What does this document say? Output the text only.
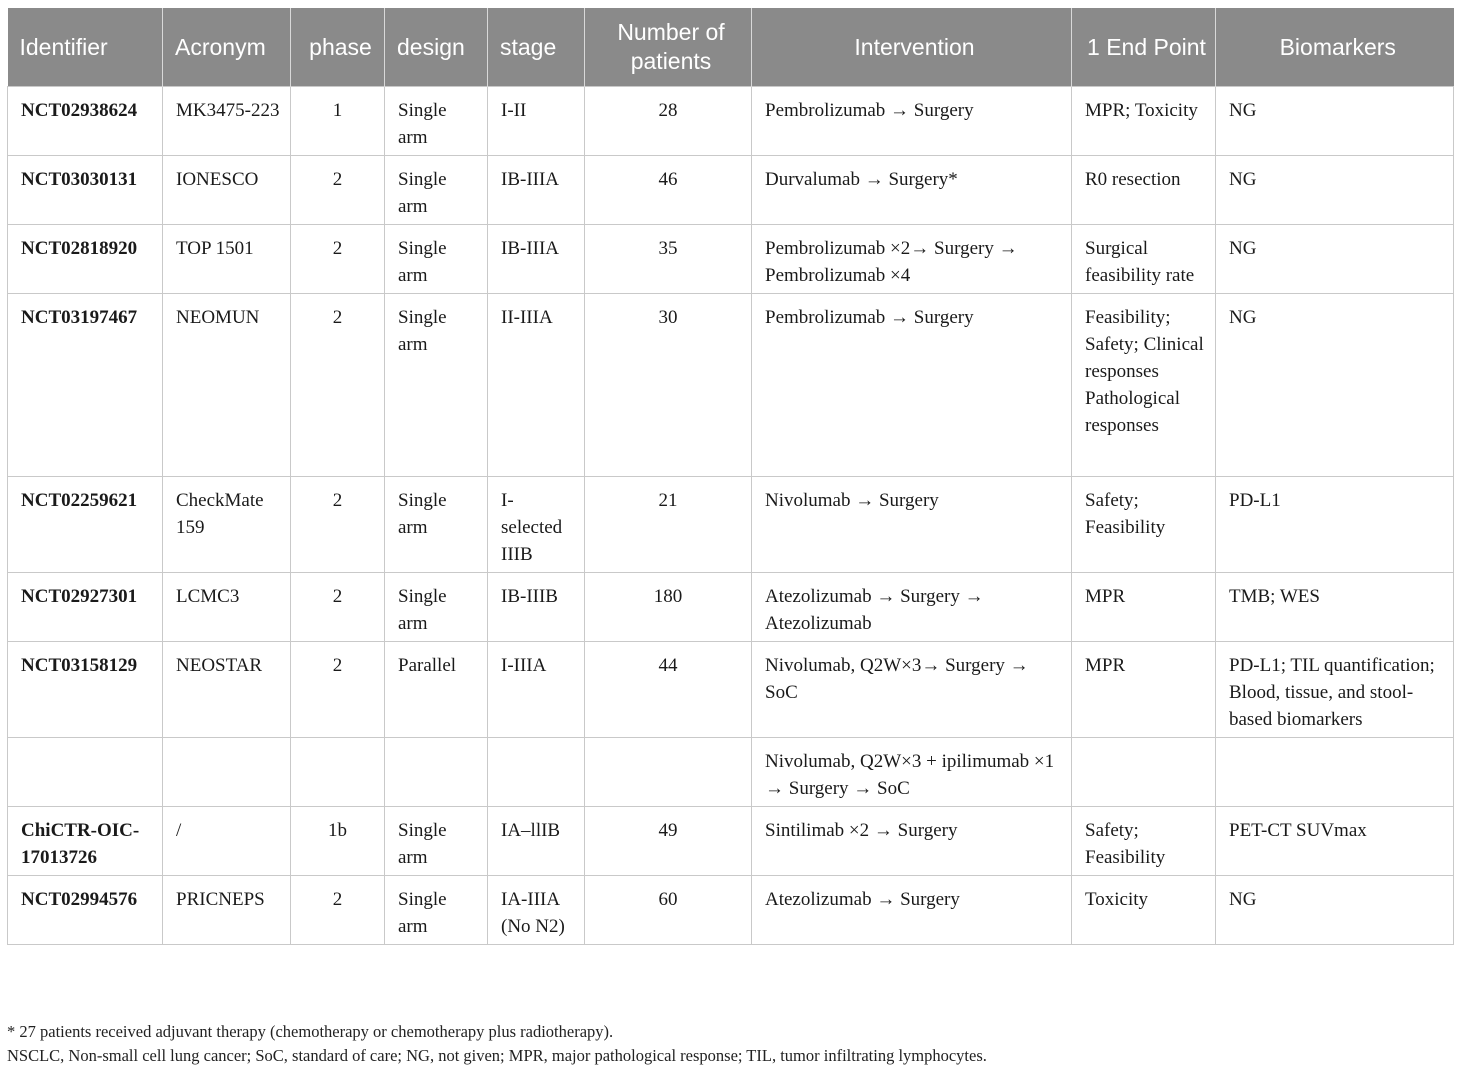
Identifier	Acronym	phase	design	stage	Number of patients	Intervention	1 End Point	Biomarkers
NCT02938624	MK3475-223	1	Single arm	I-II	28	Pembrolizumab → Surgery	MPR; Toxicity	NG
NCT03030131	IONESCO	2	Single arm	IB-IIIA	46	Durvalumab → Surgery*	R0 resection	NG
NCT02818920	TOP 1501	2	Single arm	IB-IIIA	35	Pembrolizumab ×2→ Surgery → Pembrolizumab ×4	Surgical feasibility rate	NG
NCT03197467	NEOMUN	2	Single arm	II-IIIA	30	Pembrolizumab → Surgery	Feasibility; Safety; Clinical responses Pathological responses	NG
NCT02259621	CheckMate 159	2	Single arm	I-selected IIIB	21	Nivolumab → Surgery	Safety; Feasibility	PD-L1
NCT02927301	LCMC3	2	Single arm	IB-IIIB	180	Atezolizumab → Surgery → Atezolizumab	MPR	TMB; WES
NCT03158129	NEOSTAR	2	Parallel	I-IIIA	44	Nivolumab, Q2W×3→ Surgery → SoC	MPR	PD-L1; TIL quantification; Blood, tissue, and stool-based biomarkers
						Nivolumab, Q2W×3 + ipilimumab ×1 → Surgery → SoC		
ChiCTR-OIC-17013726	/	1b	Single arm	IA–llIB	49	Sintilimab ×2 → Surgery	Safety; Feasibility	PET-CT SUVmax
NCT02994576	PRICNEPS	2	Single arm	IA-IIIA (No N2)	60	Atezolizumab → Surgery	Toxicity	NG
* 27 patients received adjuvant therapy (chemotherapy or chemotherapy plus radiotherapy).
NSCLC, Non-small cell lung cancer; SoC, standard of care; NG, not given; MPR, major pathological response; TIL, tumor infiltrating lymphocytes.
